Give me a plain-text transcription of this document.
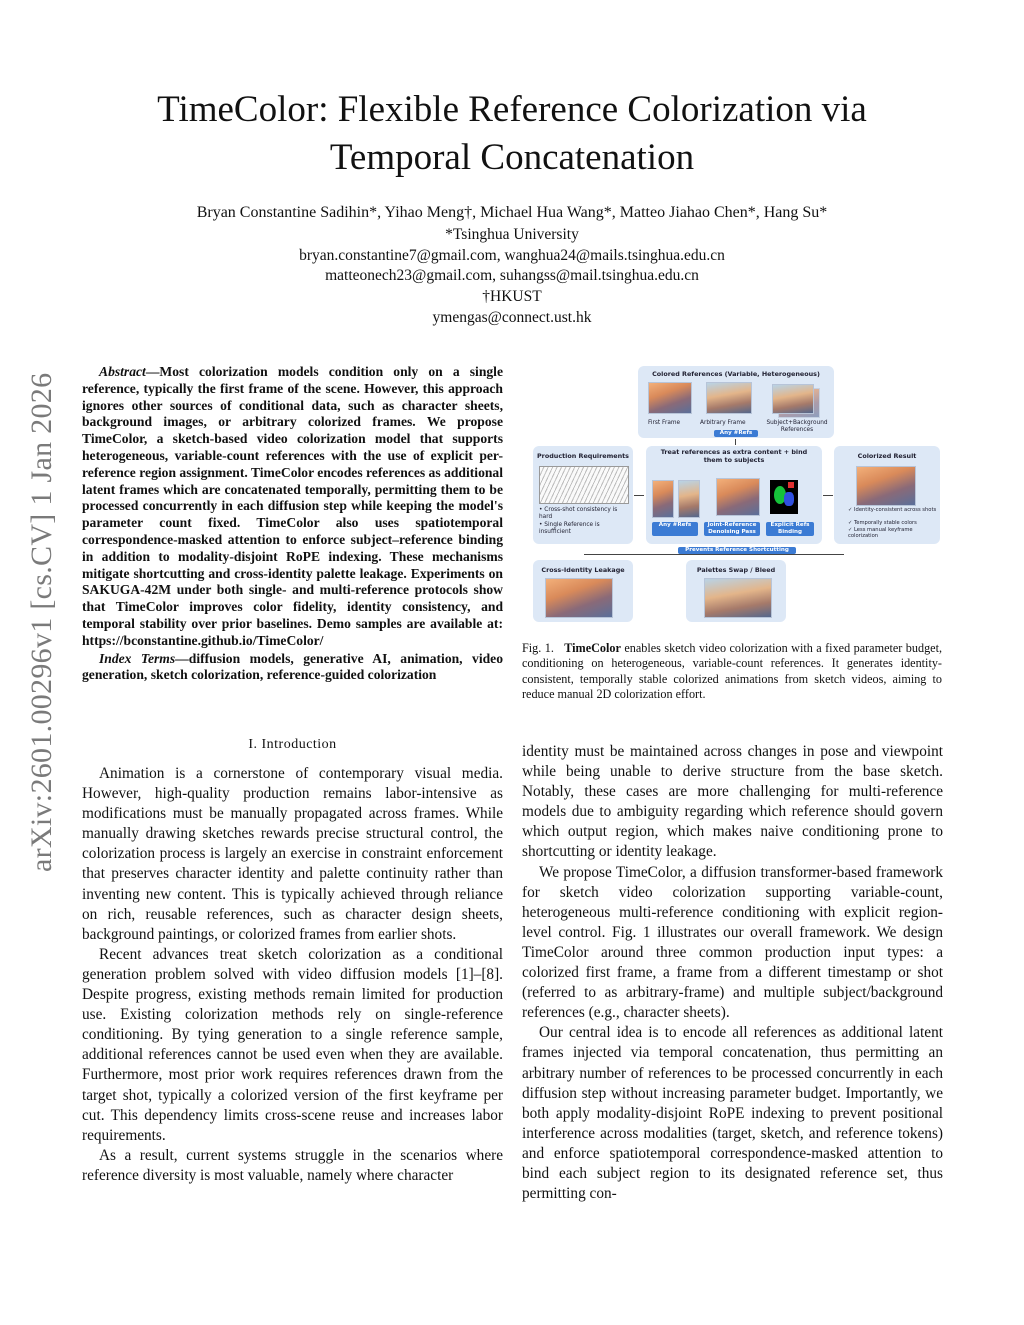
arXiv:2601.00296v1 [cs.CV] 1 Jan 2026
TimeColor: Flexible Reference Colorization via
Temporal Concatenation
Bryan Constantine Sadihin*, Yihao Meng†, Michael Hua Wang*, Matteo Jiahao Chen*, Hang Su*
*Tsinghua University
bryan.constantine7@gmail.com, wanghua24@mails.tsinghua.edu.cn
matteonech23@gmail.com, suhangss@mail.tsinghua.edu.cn
†HKUST
ymengas@connect.ust.hk
Abstract—Most colorization models condition only on a single reference, typically the first frame of the scene. However, this approach ignores other sources of conditional data, such as character sheets, background images, or arbitrary colorized frames. We propose TimeColor, a sketch-based video colorization model that supports heterogeneous, variable-count references with the use of explicit per-reference region assignment. TimeColor encodes references as additional latent frames which are concatenated temporally, permitting them to be processed concurrently in each diffusion step while keeping the model's parameter count fixed. TimeColor also uses spatiotemporal correspondence-masked attention to enforce subject–reference binding in addition to modality-disjoint RoPE indexing. These mechanisms mitigate shortcutting and cross-identity palette leakage. Experiments on SAKUGA-42M under both single- and multi-reference protocols show that TimeColor improves color fidelity, identity consistency, and temporal stability over prior baselines. Demo samples are available at: https://bconstantine.github.io/TimeColor/
Index Terms—diffusion models, generative AI, animation, video generation, sketch colorization, reference-guided colorization
Colored References (Variable, Heterogeneous)
First Frame	Arbitrary Frame	Subject+Background References
Any #Refs
Production Requirements
• Cross-shot consistency is hard
• Single Reference is insufficient
Treat references as extra content + bind them to subjects
Any #Refs	Joint-Reference Denoising Pass
Explicit Refs Binding
Prevents Reference Shortcutting
Colorized Result
✓ Identity-consistent across shots
✓ Temporally stable colors
✓ Less manual keyframe colorization
Cross-Identity Leakage	Palettes Swap / Bleed
Fig. 1. TimeColor enables sketch video colorization with a fixed parameter budget, conditioning on heterogeneous, variable-count references. It generates identity-consistent, temporally stable colorized animations from sketch videos, aiming to reduce manual 2D colorization effort.
I. Introduction

Animation is a cornerstone of contemporary visual media. However, high-quality production remains labor-intensive as modifications must be manually propagated across frames. While manually drawing sketches rewards precise structural control, the colorization process is largely an exercise in constraint enforcement that preserves character identity and palette continuity rather than inventing new content. This is typically achieved through reliance on rich, reusable references, such as character design sheets, background paintings, or colorized frames from earlier shots.

Recent advances treat sketch colorization as a conditional generation problem solved with video diffusion models [1]–[8]. Despite progress, existing methods remain limited for production use. Existing colorization methods rely on single-reference conditioning. By tying generation to a single reference sample, additional references cannot be used even when they are available. Furthermore, most prior work requires references drawn from the target shot, typically a colorized version of the first keyframe per cut. This dependency limits cross-scene reuse and increases labor requirements.

As a result, current systems struggle in the scenarios where reference diversity is most valuable, namely where character

identity must be maintained across changes in pose and viewpoint while being unable to derive structure from the base sketch. Notably, these cases are more challenging for multi-reference models due to ambiguity regarding which reference should govern which output region, which makes naive conditioning prone to shortcutting or identity leakage.

We propose TimeColor, a diffusion transformer-based framework for sketch video colorization supporting variable-count, heterogeneous multi-reference conditioning with explicit region-level control. Fig. 1 illustrates our overall framework. We design TimeColor around three common production input types: a colorized first frame, a frame from a different timestamp or shot (referred to as arbitrary-frame) and multiple subject/background references (e.g., character sheets).

Our central idea is to encode all references as additional latent frames injected via temporal concatenation, thus permitting an arbitrary number of references to be processed concurrently in each diffusion step without increasing parameter budget. Importantly, we both apply modality-disjoint RoPE indexing to prevent positional interference across modalities (target, sketch, and reference tokens) and enforce spatiotemporal correspondence-masked attention to bind each subject region to its designated reference set, thus permitting con-
